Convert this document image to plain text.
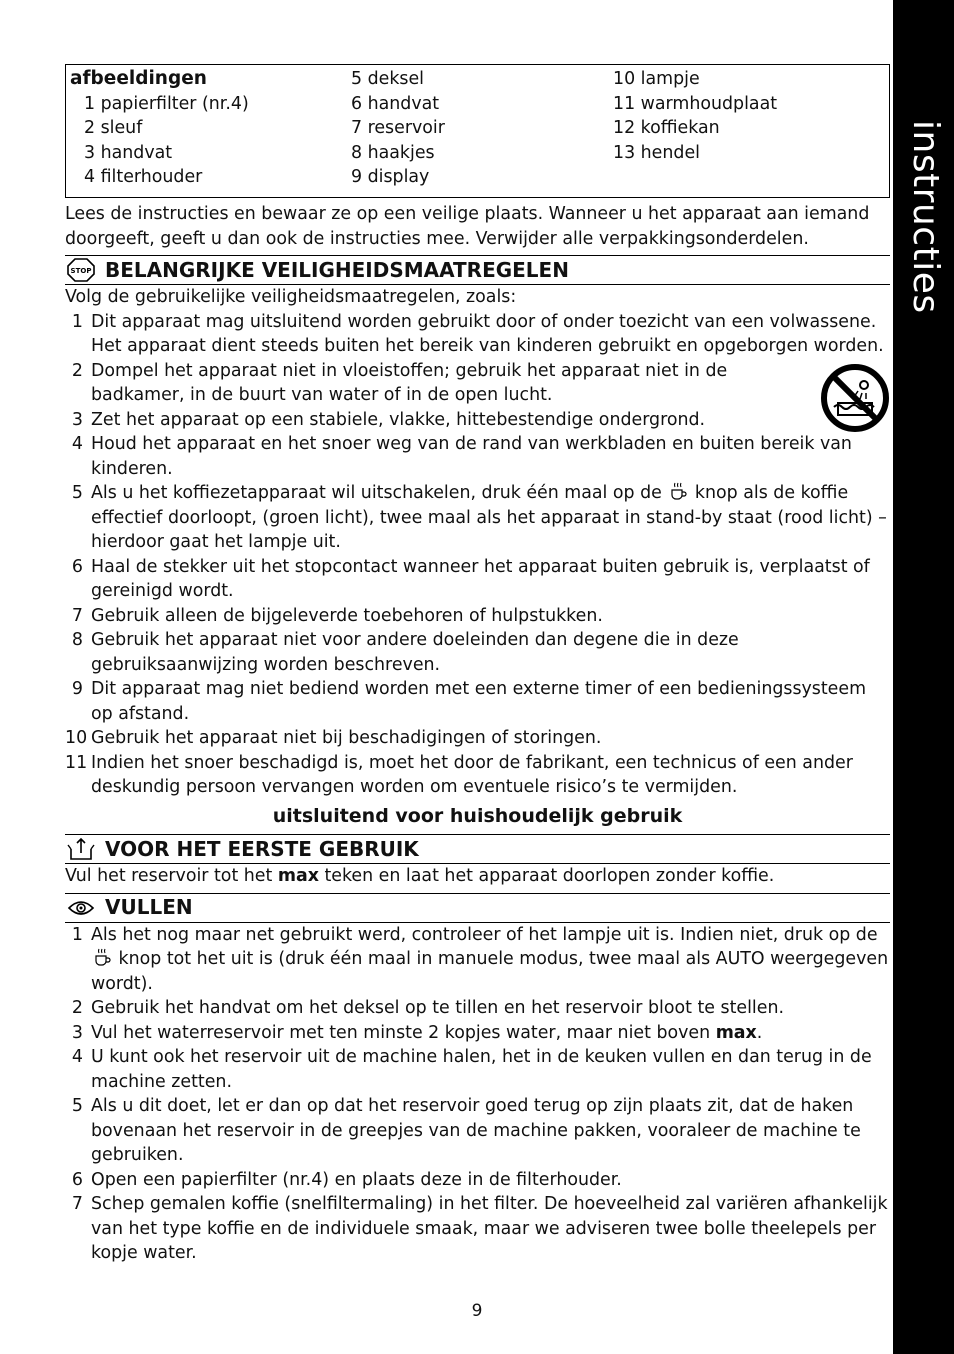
instructies
afbeeldingen
1 papierfilter (nr.4)
2 sleuf
3 handvat
4 filterhouder
5 deksel
6 handvat
7 reservoir
8 haakjes
9 display
10 lampje
11 warmhoudplaat
12 koffiekan
13 hendel
Lees de instructies en bewaar ze op een veilige plaats. Wanneer u het apparaat aan iemand doorgeeft, geeft u dan ook de instructies mee. Verwijder alle verpakkingsonderdelen.
STOP BELANGRIJKE VEILIGHEIDSMAATREGELEN
Volg de gebruikelijke veiligheidsmaatregelen, zoals:
1 Dit apparaat mag uitsluitend worden gebruikt door of onder toezicht van een volwassene. Het apparaat dient steeds buiten het bereik van kinderen gebruikt en opgeborgen worden.
2 Dompel het apparaat niet in vloeistoffen; gebruik het apparaat niet in de badkamer, in de buurt van water of in de open lucht.
3 Zet het apparaat op een stabiele, vlakke, hittebestendige ondergrond.
4 Houd het apparaat en het snoer weg van de rand van werkbladen en buiten bereik van kinderen.
5 Als u het koffiezetapparaat wil uitschakelen, druk één maal op de knop als de koffie effectief doorloopt, (groen licht), twee maal als het apparaat in stand-by staat (rood licht) – hierdoor gaat het lampje uit.
6 Haal de stekker uit het stopcontact wanneer het apparaat buiten gebruik is, verplaatst of gereinigd wordt.
7 Gebruik alleen de bijgeleverde toebehoren of hulpstukken.
8 Gebruik het apparaat niet voor andere doeleinden dan degene die in deze gebruiksaanwijzing worden beschreven.
9 Dit apparaat mag niet bediend worden met een externe timer of een bedieningssysteem op afstand.
10 Gebruik het apparaat niet bij beschadigingen of storingen.
11 Indien het snoer beschadigd is, moet het door de fabrikant, een technicus of een ander deskundig persoon vervangen worden om eventuele risico’s te vermijden.
uitsluitend voor huishoudelijk gebruik
VOOR HET EERSTE GEBRUIK
Vul het reservoir tot het max teken en laat het apparaat doorlopen zonder koffie.
VULLEN
1 Als het nog maar net gebruikt werd, controleer of het lampje uit is. Indien niet, druk op de  knop tot het uit is (druk één maal in manuele modus, twee maal als AUTO weergegeven wordt).
2 Gebruik het handvat om het deksel op te tillen en het reservoir bloot te stellen.
3 Vul het waterreservoir met ten minste 2 kopjes water, maar niet boven max.
4 U kunt ook het reservoir uit de machine halen, het in de keuken vullen en dan terug in de machine zetten.
5 Als u dit doet, let er dan op dat het reservoir goed terug op zijn plaats zit, dat de haken bovenaan het reservoir in de greepjes van de machine pakken, vooraleer de machine te gebruiken.
6 Open een papierfilter (nr.4) en plaats deze in de filterhouder.
7 Schep gemalen koffie (snelfiltermaling) in het filter. De hoeveelheid zal variëren afhankelijk van het type koffie en de individuele smaak, maar we adviseren twee bolle theelepels per kopje water.
9
